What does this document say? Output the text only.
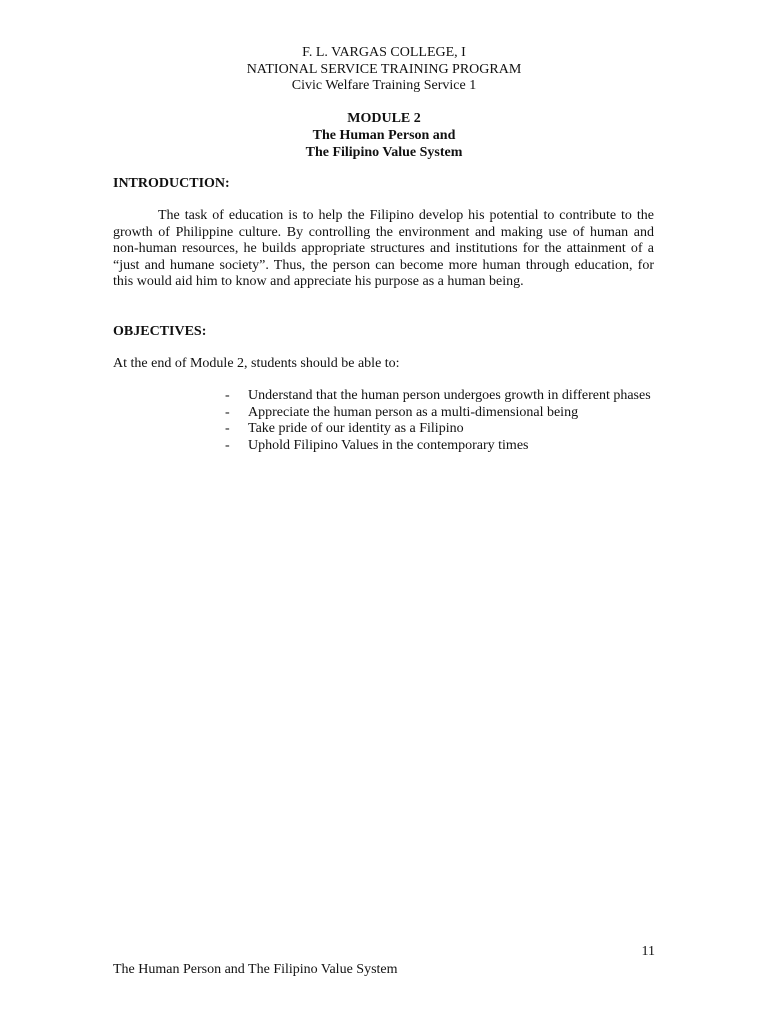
F. L. VARGAS COLLEGE, I
NATIONAL SERVICE TRAINING PROGRAM
Civic Welfare Training Service 1
MODULE 2
The Human Person and
The Filipino Value System
INTRODUCTION:

The task of education is to help the Filipino develop his potential to contribute to the growth of Philippine culture. By controlling the environment and making use of human and non-human resources, he builds appropriate structures and institutions for the attainment of a “just and humane society”. Thus, the person can become more human through education, for this would aid him to know and appreciate his purpose as a human being.

OBJECTIVES:

At the end of Module 2, students should be able to:

-	Understand that the human person undergoes growth in different phases
-	Appreciate the human person as a multi-dimensional being
-	Take pride of our identity as a Filipino
-	Uphold Filipino Values in the contemporary times
11
The Human Person and The Filipino Value System
